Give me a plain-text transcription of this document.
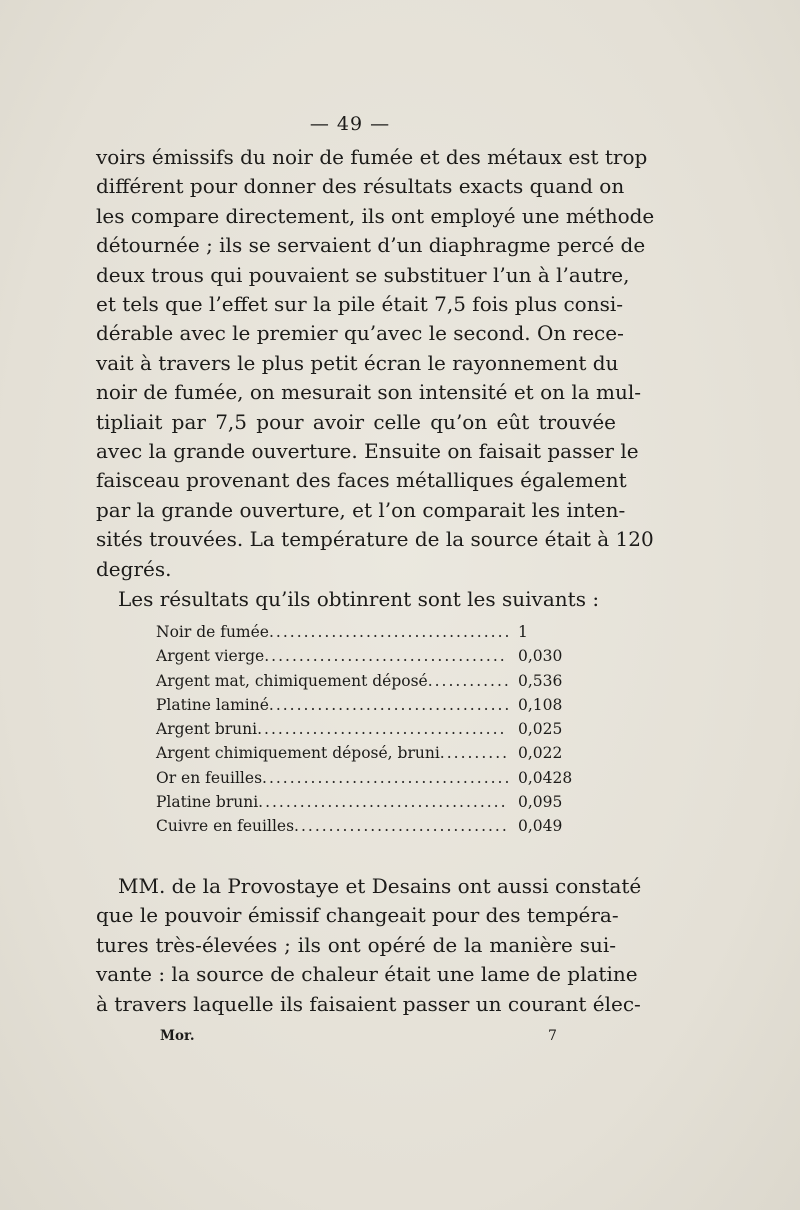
— 49 —
voirs émissifs du noir de fumée et des métaux est trop
différent pour donner des résultats exacts quand on
les compare directement, ils ont employé une méthode
détournée ; ils se servaient d’un diaphragme percé de
deux trous qui pouvaient se substituer l’un à l’autre,
et tels que l’effet sur la pile était 7,5 fois plus consi-
dérable avec le premier qu’avec le second. On rece-
vait à travers le plus petit écran le rayonnement du
noir de fumée, on mesurait son intensité et on la mul-
tipliait par 7,5 pour avoir celle qu’on eût trouvée
avec la grande ouverture. Ensuite on faisait passer le
faisceau provenant des faces métalliques également
par la grande ouverture, et l’on comparait les inten-
sités trouvées. La température de la source était à 120
degrés.
Les résultats qu’ils obtinrent sont les suivants :
Noir de fumée .....	1
Argent vierge .....	0,030
Argent mat, chimiquement déposé .....	0,536
Platine laminé .....	0,108
Argent bruni .....	0,025
Argent chimiquement déposé, bruni .....	0,022
Or en feuilles .....	0,0428
Platine bruni .....	0,095
Cuivre en feuilles .....	0,049
MM. de la Provostaye et Desains ont aussi constaté
que le pouvoir émissif changeait pour des tempéra-
tures très-élevées ; ils ont opéré de la manière sui-
vante : la source de chaleur était une lame de platine
à travers laquelle ils faisaient passer un courant élec-
Mor.	7
